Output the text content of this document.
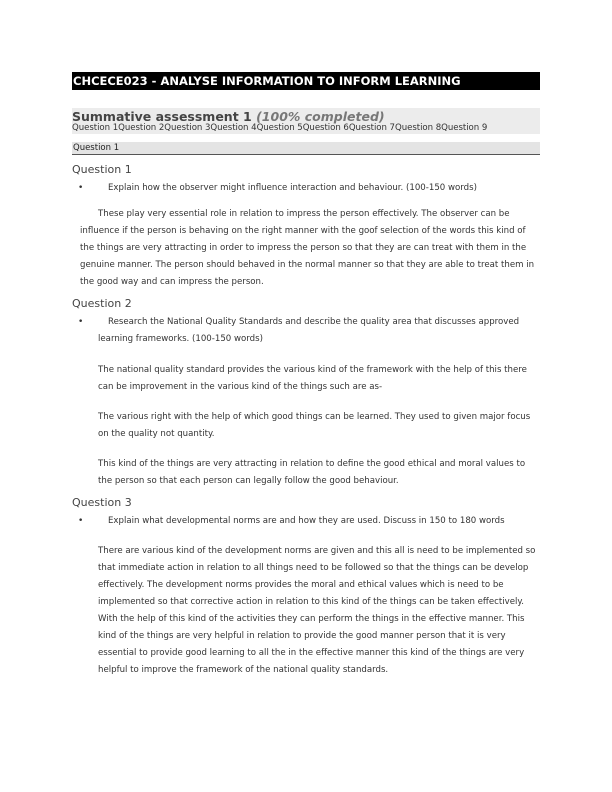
CHCECE023 - ANALYSE INFORMATION TO INFORM LEARNING
Summative assessment 1 (100% completed)
Question 1Question 2Question 3Question 4Question 5Question 6Question 7Question 8Question 9
Question 1
Question 1
•	Explain how the observer might influence interaction and behaviour. (100-150 words)
These play very essential role in relation to impress the person effectively. The observer can be influence if the person is behaving on the right manner with the goof selection of the words this kind of the things are very attracting in order to impress the person so that they are can treat with them in the genuine manner. The person should behaved in the normal manner so that they are able to treat them in the good way and can impress the person.
Question 2
•	Research the National Quality Standards and describe the quality area that discusses approved learning frameworks. (100-150 words)
The national quality standard provides the various kind of the framework with the help of this there can be improvement in the various kind of the things such are as-
The various right with the help of which good things can be learned. They used to given major focus on the quality not quantity.
This kind of the things are very attracting in relation to define the good ethical and moral values to the person so that each person can legally follow the good behaviour.
Question 3
•	Explain what developmental norms are and how they are used. Discuss in 150 to 180 words
There are various kind of the development norms are given and this all is need to be implemented so that immediate action in relation to all things need to be followed so that the things can be develop effectively. The development norms provides the moral and ethical values which is need to be implemented so that corrective action in relation to this kind of the things can be taken effectively. With the help of this kind of the activities they can perform the things in the effective manner. This kind of the things are very helpful in relation to provide the good manner person that it is very essential to provide good learning to all the in the effective manner this kind of the things are very helpful to improve the framework of the national quality standards.
